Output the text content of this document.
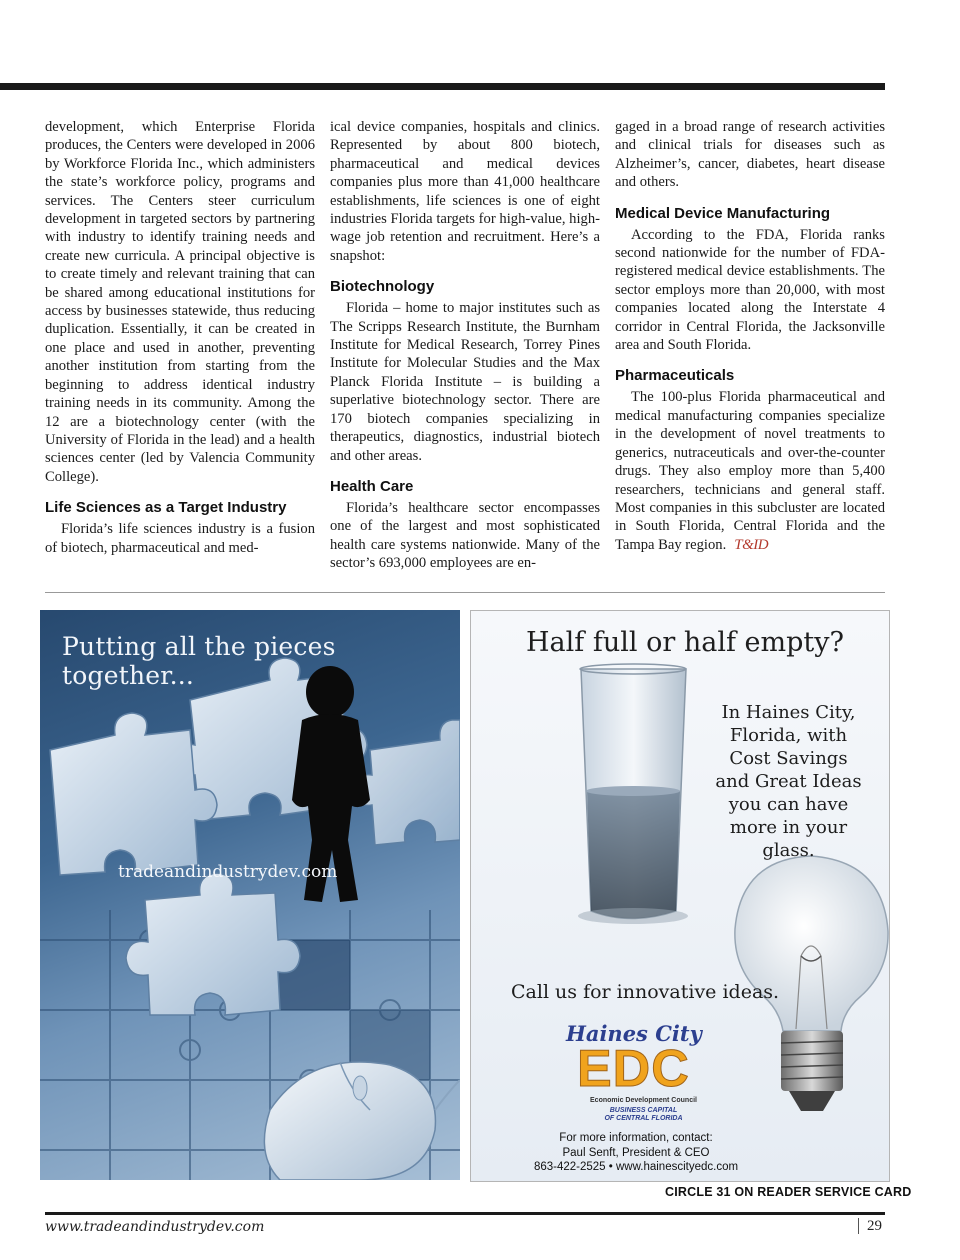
development, which Enterprise Florida produces, the Centers were developed in 2006 by Workforce Florida Inc., which administers the state’s workforce policy, programs and services. The Centers steer curriculum development in targeted sectors by partnering with industry to identify training needs and create new curricula. A principal objective is to create timely and relevant training that can be shared among educational institutions for access by businesses statewide, thus reducing duplication. Essentially, it can be created in one place and used in another, preventing another institution from starting from the beginning to address identical industry training needs in its community. Among the 12 are a biotechnology center (with the University of Florida in the lead) and a health sciences center (led by Valencia Community College).

Life Sciences as a Target Industry

Florida’s life sciences industry is a fusion of biotech, pharmaceutical and med-

ical device companies, hospitals and clinics. Represented by about 800 biotech, pharmaceutical and medical devices companies plus more than 41,000 healthcare establishments, life sciences is one of eight industries Florida targets for high-value, high-wage job retention and recruitment. Here’s a snapshot:

Biotechnology

Florida – home to major institutes such as The Scripps Research Institute, the Burnham Institute for Medical Research, Torrey Pines Institute for Molecular Studies and the Max Planck Florida Institute – is building a superlative biotechnology sector. There are 170 biotech companies specializing in therapeutics, diagnostics, industrial biotech and other areas.

Health Care

Florida’s healthcare sector encompasses one of the largest and most sophisticated health care systems nationwide. Many of the sector’s 693,000 employees are en-

gaged in a broad range of research activities and clinical trials for diseases such as Alzheimer’s, cancer, diabetes, heart disease and others.

Medical Device Manufacturing

According to the FDA, Florida ranks second nationwide for the number of FDA-registered medical device establishments. The sector employs more than 20,000, with most companies located along the Interstate 4 corridor in Central Florida, the Jacksonville area and South Florida.

Pharmaceuticals

The 100-plus Florida pharmaceutical and medical manufacturing companies specialize in the development of novel treatments to generics, nutraceuticals and over-the-counter drugs. They also employ more than 5,400 researchers, technicians and general staff. Most companies in this subcluster are located in South Florida, Central Florida and the Tampa Bay region. T&ID

Putting all the pieces together...
tradeandindustrydev.com
Half full or half empty?
In Haines City,
Florida, with
Cost Savings
and Great Ideas
you can have
more in your
glass.
Call us for innovative ideas.
Haines City
EDC
Economic Development Council
BUSINESS CAPITAL
OF CENTRAL FLORIDA
For more information, contact:
Paul Senft, President & CEO
863-422-2525 • www.hainescityedc.com
CIRCLE 31 ON READER SERVICE CARD
www.tradeandindustrydev.com	29
